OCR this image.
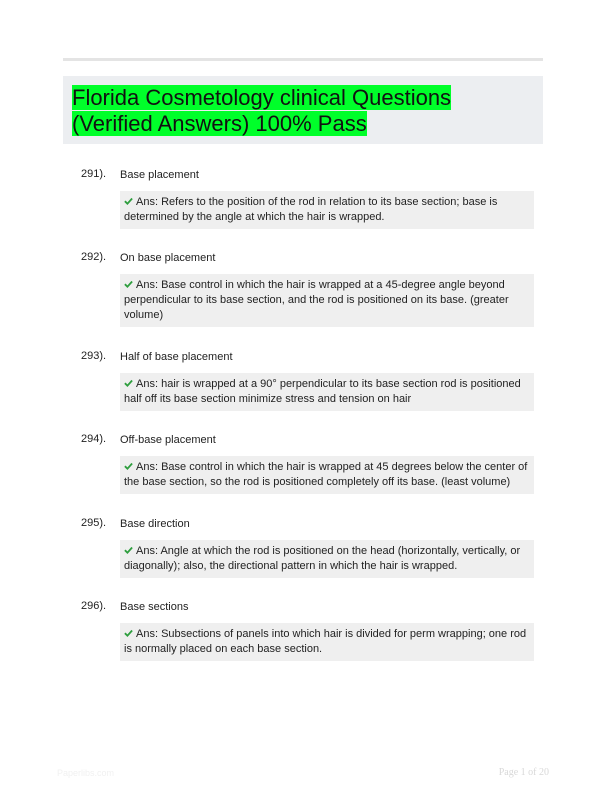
Florida Cosmetology clinical Questions (Verified Answers) 100% Pass
291). Base placement
Ans: Refers to the position of the rod in relation to its base section; base is determined by the angle at which the hair is wrapped.
292). On base placement
Ans: Base control in which the hair is wrapped at a 45-degree angle beyond perpendicular to its base section, and the rod is positioned on its base. (greater volume)
293). Half of base placement
Ans: hair is wrapped at a 90° perpendicular to its base section rod is positioned half off its base section minimize stress and tension on hair
294). Off-base placement
Ans: Base control in which the hair is wrapped at 45 degrees below the center of the base section, so the rod is positioned completely off its base. (least volume)
295). Base direction
Ans: Angle at which the rod is positioned on the head (horizontally, vertically, or diagonally); also, the directional pattern in which the hair is wrapped.
296). Base sections
Ans: Subsections of panels into which hair is divided for perm wrapping; one rod is normally placed on each base section.
Paperlibs.com	Page 1 of 20
